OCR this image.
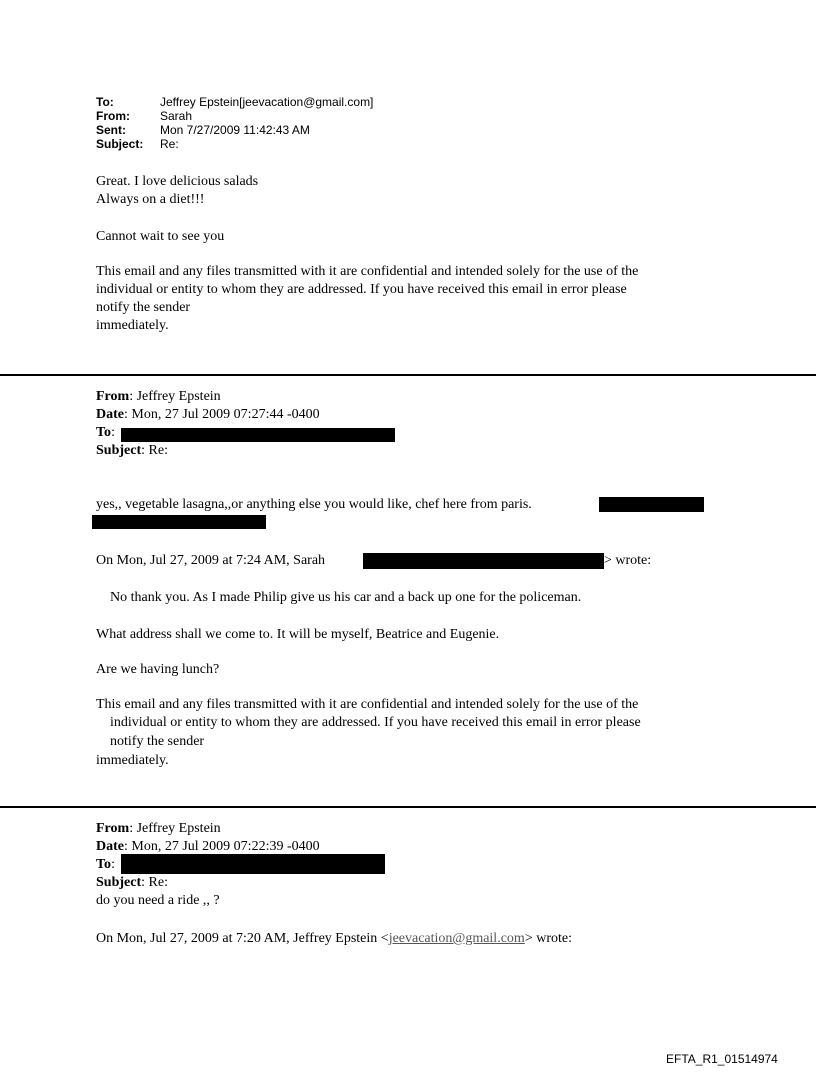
To:	Jeffrey Epstein[jeevacation@gmail.com]
From:	Sarah
Sent:	Mon 7/27/2009 11:42:43 AM
Subject: Re:
Great. I love delicious salads
Always on a diet!!!
Cannot wait to see you
This email and any files transmitted with it are confidential and intended solely for the use of the
individual or entity to whom they are addressed. If you have received this email in error please
notify the sender
immediately.
From: Jeffrey Epstein
Date: Mon, 27 Jul 2009 07:27:44 -0400
To:
Subject: Re:
yes,, vegetable lasagna,,or anything else you would like, chef here from paris.
On Mon, Jul 27, 2009 at 7:24 AM, Sarah	> wrote:
No thank you. As I made Philip give us his car and a back up one for the policeman.
What address shall we come to. It will be myself, Beatrice and Eugenie.
Are we having lunch?
This email and any files transmitted with it are confidential and intended solely for the use of the
individual or entity to whom they are addressed. If you have received this email in error please
notify the sender
immediately.
From: Jeffrey Epstein
Date: Mon, 27 Jul 2009 07:22:39 -0400
To:
Subject: Re:
do you need a ride ,, ?
On Mon, Jul 27, 2009 at 7:20 AM, Jeffrey Epstein <jeevacation@gmail.com> wrote:
EFTA_R1_01514974
